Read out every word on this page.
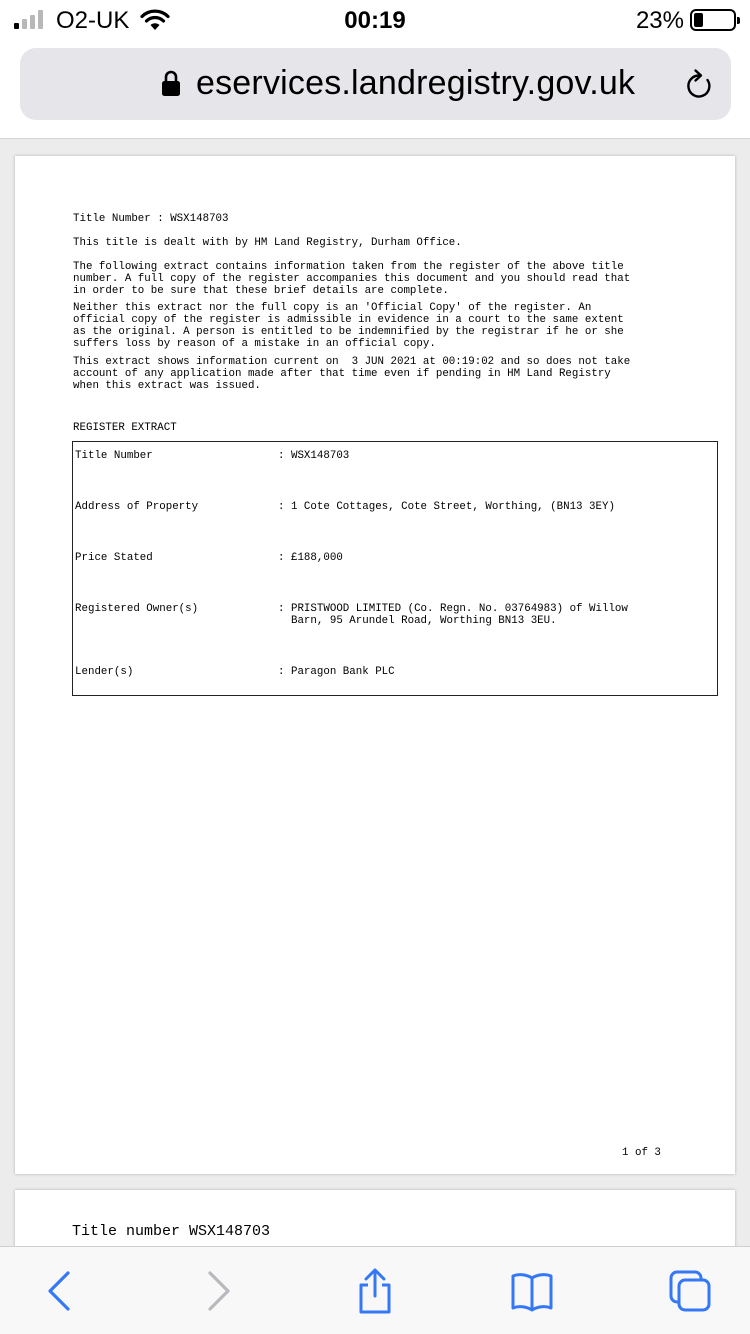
O2-UK	00:19	23%
eservices.landregistry.gov.uk
Title Number : WSX148703
This title is dealt with by HM Land Registry, Durham Office.
The following extract contains information taken from the register of the above title
number. A full copy of the register accompanies this document and you should read that
in order to be sure that these brief details are complete.
Neither this extract nor the full copy is an 'Official Copy' of the register. An
official copy of the register is admissible in evidence in a court to the same extent
as the original. A person is entitled to be indemnified by the registrar if he or she
suffers loss by reason of a mistake in an official copy.
This extract shows information current on  3 JUN 2021 at 00:19:02 and so does not take
account of any application made after that time even if pending in HM Land Registry
when this extract was issued.
REGISTER EXTRACT
Title Number	: WSX148703
Address of Property	: 1 Cote Cottages, Cote Street, Worthing, (BN13 3EY)
Price Stated	: £188,000
Registered Owner(s)	: PRISTWOOD LIMITED (Co. Regn. No. 03764983) of Willow
Barn, 95 Arundel Road, Worthing BN13 3EU.
Lender(s)	: Paragon Bank PLC
1 of 3
Title number WSX148703
